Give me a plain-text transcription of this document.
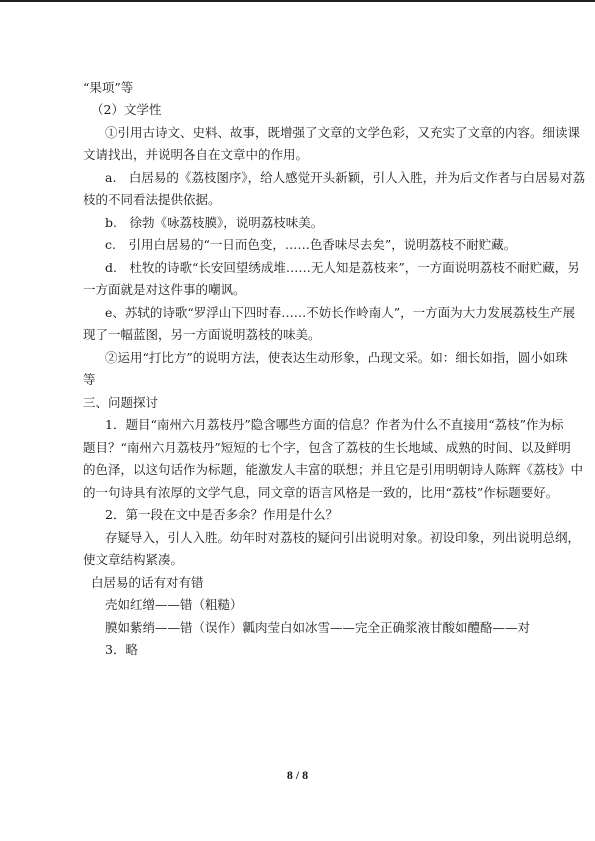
“果项”等
（2）文学性
①引用古诗文、史料、故事，既增强了文章的文学色彩，又充实了文章的内容。细读课
文请找出，并说明各自在文章中的作用。
a.　白居易的《荔枝图序》，给人感觉开头新颖，引人入胜，并为后文作者与白居易对荔
枝的不同看法提供依据。
b.　徐勃《咏荔枝膜》，说明荔枝味美。
c.　引用白居易的“一日而色变，……色香味尽去矣”，说明荔枝不耐贮藏。
d.　杜牧的诗歌“长安回望绣成堆……无人知是荔枝来”，一方面说明荔枝不耐贮藏，另
一方面就是对这件事的嘲讽。
e、苏轼的诗歌“罗浮山下四时春……不妨长作岭南人”，一方面为大力发展荔枝生产展
现了一幅蓝图，另一方面说明荔枝的味美。
②运用“打比方”的说明方法，使表达生动形象，凸现文采。如：细长如指，圆小如珠
等
三、问题探讨
1．题目“南州六月荔枝丹”隐含哪些方面的信息？作者为什么不直接用“荔枝”作为标
题目？“南州六月荔枝丹”短短的七个字，包含了荔枝的生长地域、成熟的时间、以及鲜明
的色泽，以这句话作为标题，能激发人丰富的联想；并且它是引用明朝诗人陈辉《荔枝》中
的一句诗具有浓厚的文学气息，同文章的语言风格是一致的，比用“荔枝”作标题要好。
2．第一段在文中是否多余？作用是什么？
存疑导入，引人入胜。幼年时对荔枝的疑问引出说明对象。初设印象，列出说明总纲，
使文章结构紧凑。
白居易的话有对有错
壳如红缯——错（粗糙）
膜如紫绡——错（误作）瓤肉莹白如冰雪——完全正确浆液甘酸如醴酪——对
3．略
8 / 8
